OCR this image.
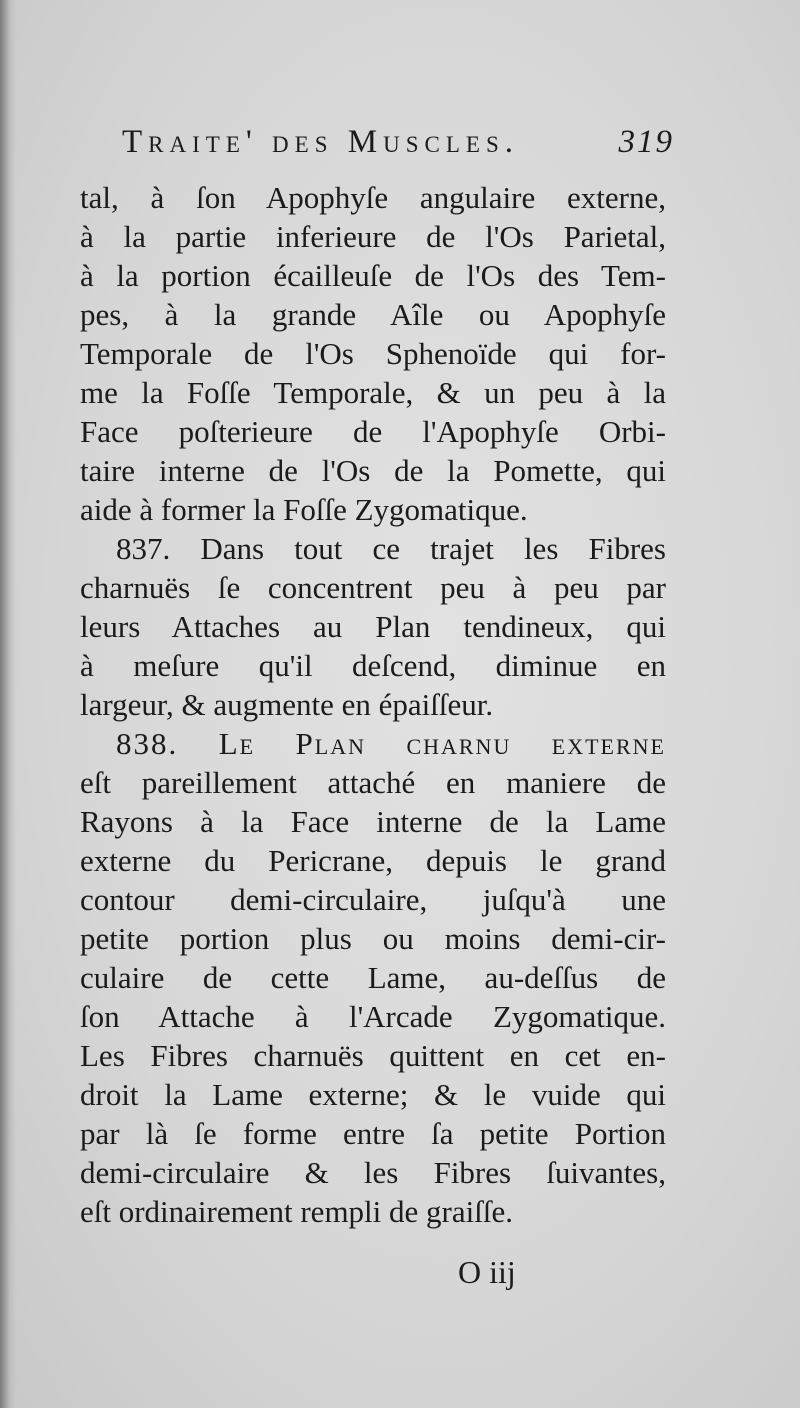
Traite' des Muscles.	319
tal, à ſon Apophyſe angulaire externe,
à la partie inferieure de l'Os Parietal,
à la portion écailleuſe de l'Os des Tem-
pes, à la grande Aîle ou Apophyſe
Temporale de l'Os Sphenoïde qui for-
me la Foſſe Temporale, & un peu à la
Face poſterieure de l'Apophyſe Orbi-
taire interne de l'Os de la Pomette, qui
aide à former la Foſſe Zygomatique.
837. Dans tout ce trajet les Fibres
charnuës ſe concentrent peu à peu par
leurs Attaches au Plan tendineux, qui
à meſure qu'il deſcend, diminue en
largeur, & augmente en épaiſſeur.
838. Le Plan charnu externe
eſt pareillement attaché en maniere de
Rayons à la Face interne de la Lame
externe du Pericrane, depuis le grand
contour demi-circulaire, juſqu'à une
petite portion plus ou moins demi-cir-
culaire de cette Lame, au-deſſus de
ſon Attache à l'Arcade Zygomatique.
Les Fibres charnuës quittent en cet en-
droit la Lame externe; & le vuide qui
par là ſe forme entre ſa petite Portion
demi-circulaire & les Fibres ſuivantes,
eſt ordinairement rempli de graiſſe.
O iij
